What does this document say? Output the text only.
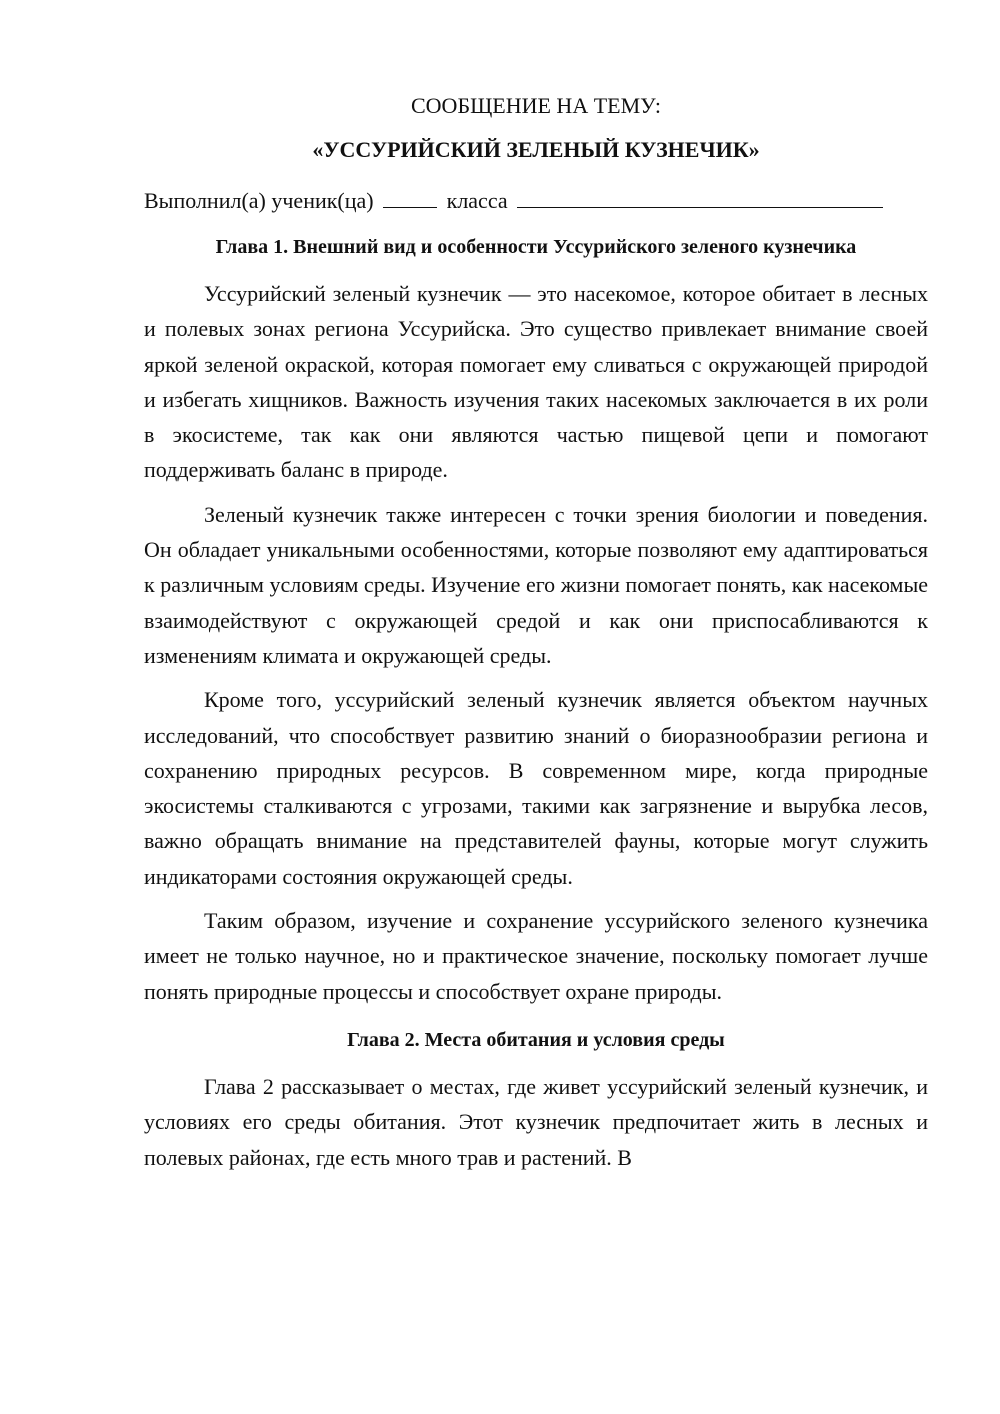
СООБЩЕНИЕ НА ТЕМУ:
«УССУРИЙСКИЙ ЗЕЛЕНЫЙ КУЗНЕЧИК»
Выполнил(а) ученик(ца)	класса
Глава 1. Внешний вид и особенности Уссурийского зеленого кузнечика

Уссурийский зеленый кузнечик — это насекомое, которое обитает в лесных и полевых зонах региона Уссурийска. Это существо привлекает внимание своей яркой зеленой окраской, которая помогает ему сливаться с окружающей природой и избегать хищников. Важность изучения таких насекомых заключается в их роли в экосистеме, так как они являются частью пищевой цепи и помогают поддерживать баланс в природе.

Зеленый кузнечик также интересен с точки зрения биологии и поведения. Он обладает уникальными особенностями, которые позволяют ему адаптироваться к различным условиям среды. Изучение его жизни помогает понять, как насекомые взаимодействуют с окружающей средой и как они приспосабливаются к изменениям климата и окружающей среды.

Кроме того, уссурийский зеленый кузнечик является объектом научных исследований, что способствует развитию знаний о биоразнообразии региона и сохранению природных ресурсов. В современном мире, когда природные экосистемы сталкиваются с угрозами, такими как загрязнение и вырубка лесов, важно обращать внимание на представителей фауны, которые могут служить индикаторами состояния окружающей среды.

Таким образом, изучение и сохранение уссурийского зеленого кузнечика имеет не только научное, но и практическое значение, поскольку помогает лучше понять природные процессы и способствует охране природы.

Глава 2. Места обитания и условия среды

Глава 2 рассказывает о местах, где живет уссурийский зеленый кузнечик, и условиях его среды обитания. Этот кузнечик предпочитает жить в лесных и полевых районах, где есть много трав и растений. В
